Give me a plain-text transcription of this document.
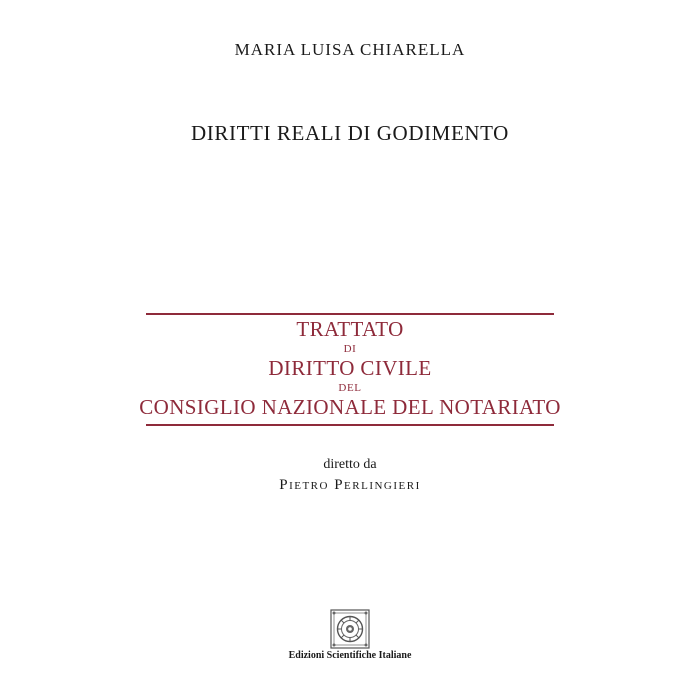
MARIA LUISA CHIARELLA
DIRITTI REALI DI GODIMENTO
TRATTATO
DI
DIRITTO CIVILE
DEL
CONSIGLIO NAZIONALE DEL NOTARIATO
diretto da
Pietro Perlingieri
Edizioni Scientifiche Italiane
